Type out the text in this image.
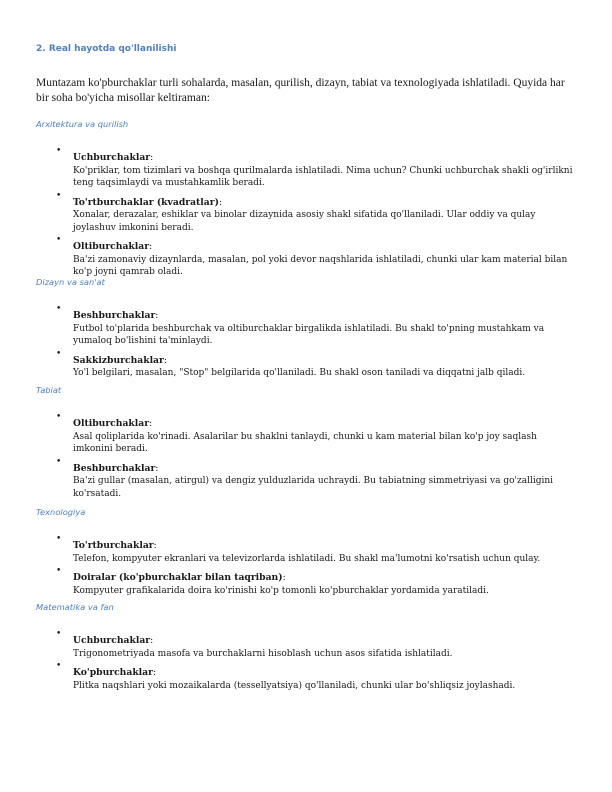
2. Real hayotda qo'llanilishi

Muntazam ko'pburchaklar turli sohalarda, masalan, qurilish, dizayn, tabiat va texnologiyada ishlatiladi. Quyida har bir soha bo'yicha misollar keltiraman:

Arxitektura va qurilish
•
Uchburchaklar:

Ko'priklar, tom tizimlari va boshqa qurilmalarda ishlatiladi. Nima uchun? Chunki uchburchak shakli og'irlikni teng taqsimlaydi va mustahkamlik beradi.

•
To'rtburchaklar (kvadratlar):

Xonalar, derazalar, eshiklar va binolar dizaynida asosiy shakl sifatida qo'llaniladi. Ular oddiy va qulay joylashuv imkonini beradi.

•
Oltiburchaklar:

Ba'zi zamonaviy dizaynlarda, masalan, pol yoki devor naqshlarida ishlatiladi, chunki ular kam material bilan ko'p joyni qamrab oladi.

Dizayn va san'at
•
Beshburchaklar:

Futbol to'plarida beshburchak va oltiburchaklar birgalikda ishlatiladi. Bu shakl to'pning mustahkam va yumaloq bo'lishini ta'minlaydi.

•
Sakkizburchaklar:

Yo'l belgilari, masalan, "Stop" belgilarida qo'llaniladi. Bu shakl oson taniladi va diqqatni jalb qiladi.

Tabiat
•
Oltiburchaklar:

Asal qoliplarida ko'rinadi. Asalarilar bu shaklni tanlaydi, chunki u kam material bilan ko'p joy saqlash imkonini beradi.

•
Beshburchaklar:

Ba'zi gullar (masalan, atirgul) va dengiz yulduzlarida uchraydi. Bu tabiatning simmetriyasi va go'zalligini ko'rsatadi.

Texnologiya
•
To'rtburchaklar:

Telefon, kompyuter ekranlari va televizorlarda ishlatiladi. Bu shakl ma'lumotni ko'rsatish uchun qulay.

•
Doiralar (ko'pburchaklar bilan taqriban):

Kompyuter grafikalarida doira ko'rinishi ko'p tomonli ko'pburchaklar yordamida yaratiladi.

Matematika va fan
•
Uchburchaklar:

Trigonometriyada masofa va burchaklarni hisoblash uchun asos sifatida ishlatiladi.

•
Ko'pburchaklar:

Plitka naqshlari yoki mozaikalarda (tessellyatsiya) qo'llaniladi, chunki ular bo'shliqsiz joylashadi.
